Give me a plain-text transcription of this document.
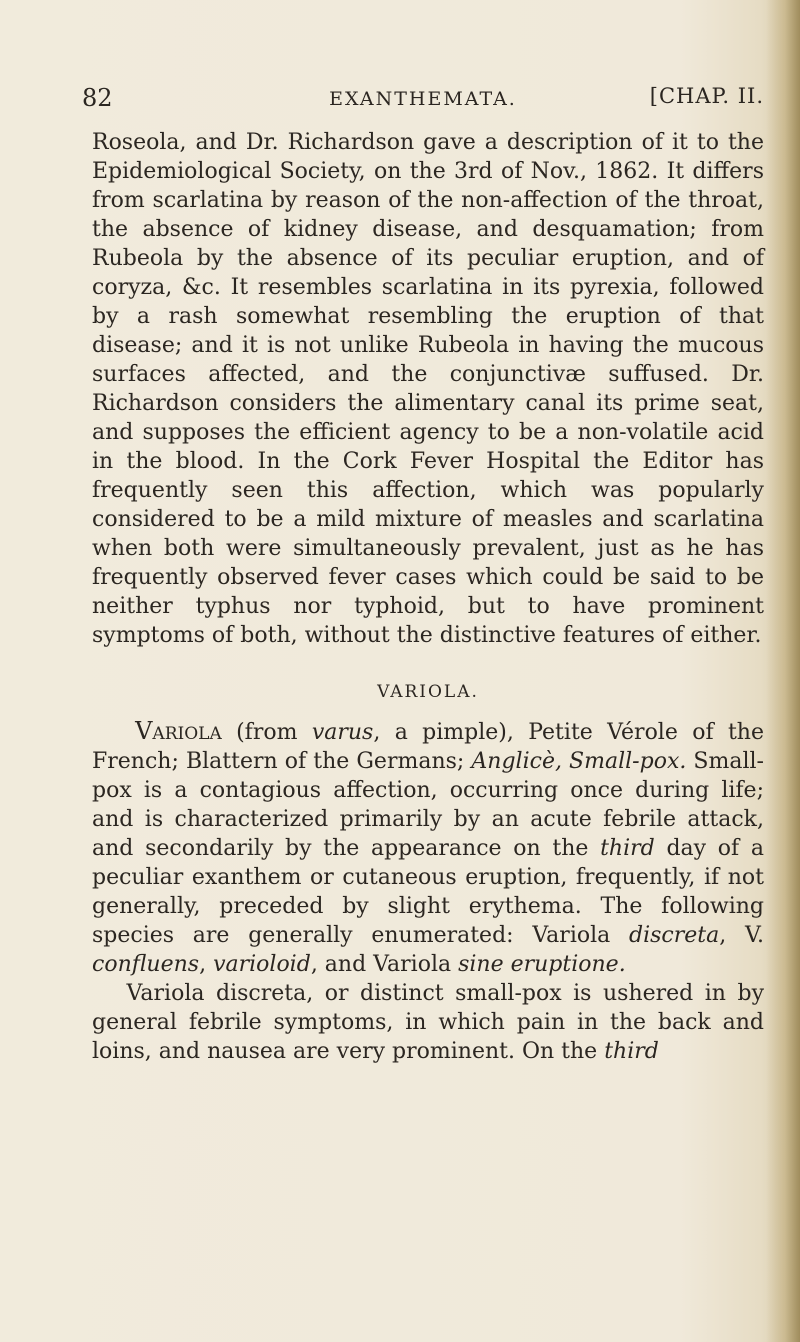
82	EXANTHEMATA.	[CHAP. II.

Roseola, and Dr. Richardson gave a description of it to the Epidemiological Society, on the 3rd of Nov., 1862. It differs from scarlatina by reason of the non-affection of the throat, the absence of kidney disease, and desquamation; from Rubeola by the absence of its peculiar eruption, and of coryza, &c. It resembles scarlatina in its pyrexia, followed by a rash somewhat resembling the eruption of that disease; and it is not unlike Rubeola in having the mucous surfaces affected, and the conjunctivæ suffused. Dr. Richardson considers the alimentary canal its prime seat, and supposes the efficient agency to be a non-volatile acid in the blood. In the Cork Fever Hospital the Editor has frequently seen this affection, which was popularly considered to be a mild mixture of measles and scarlatina when both were simultaneously prevalent, just as he has frequently observed fever cases which could be said to be neither typhus nor typhoid, but to have prominent symptoms of both, without the distinctive features of either.

VARIOLA.

Variola (from varus, a pimple), Petite Vérole of the French; Blattern of the Germans; Anglicè, Small-pox. Small-pox is a contagious affection, occurring once during life; and is characterized primarily by an acute febrile attack, and secondarily by the appearance on the third day of a peculiar exanthem or cutaneous eruption, frequently, if not generally, preceded by slight erythema. The following species are generally enumerated: Variola discreta, V. confluens, varioloid, and Variola sine eruptione.

Variola discreta, or distinct small-pox is ushered in by general febrile symptoms, in which pain in the back and loins, and nausea are very prominent. On the third
